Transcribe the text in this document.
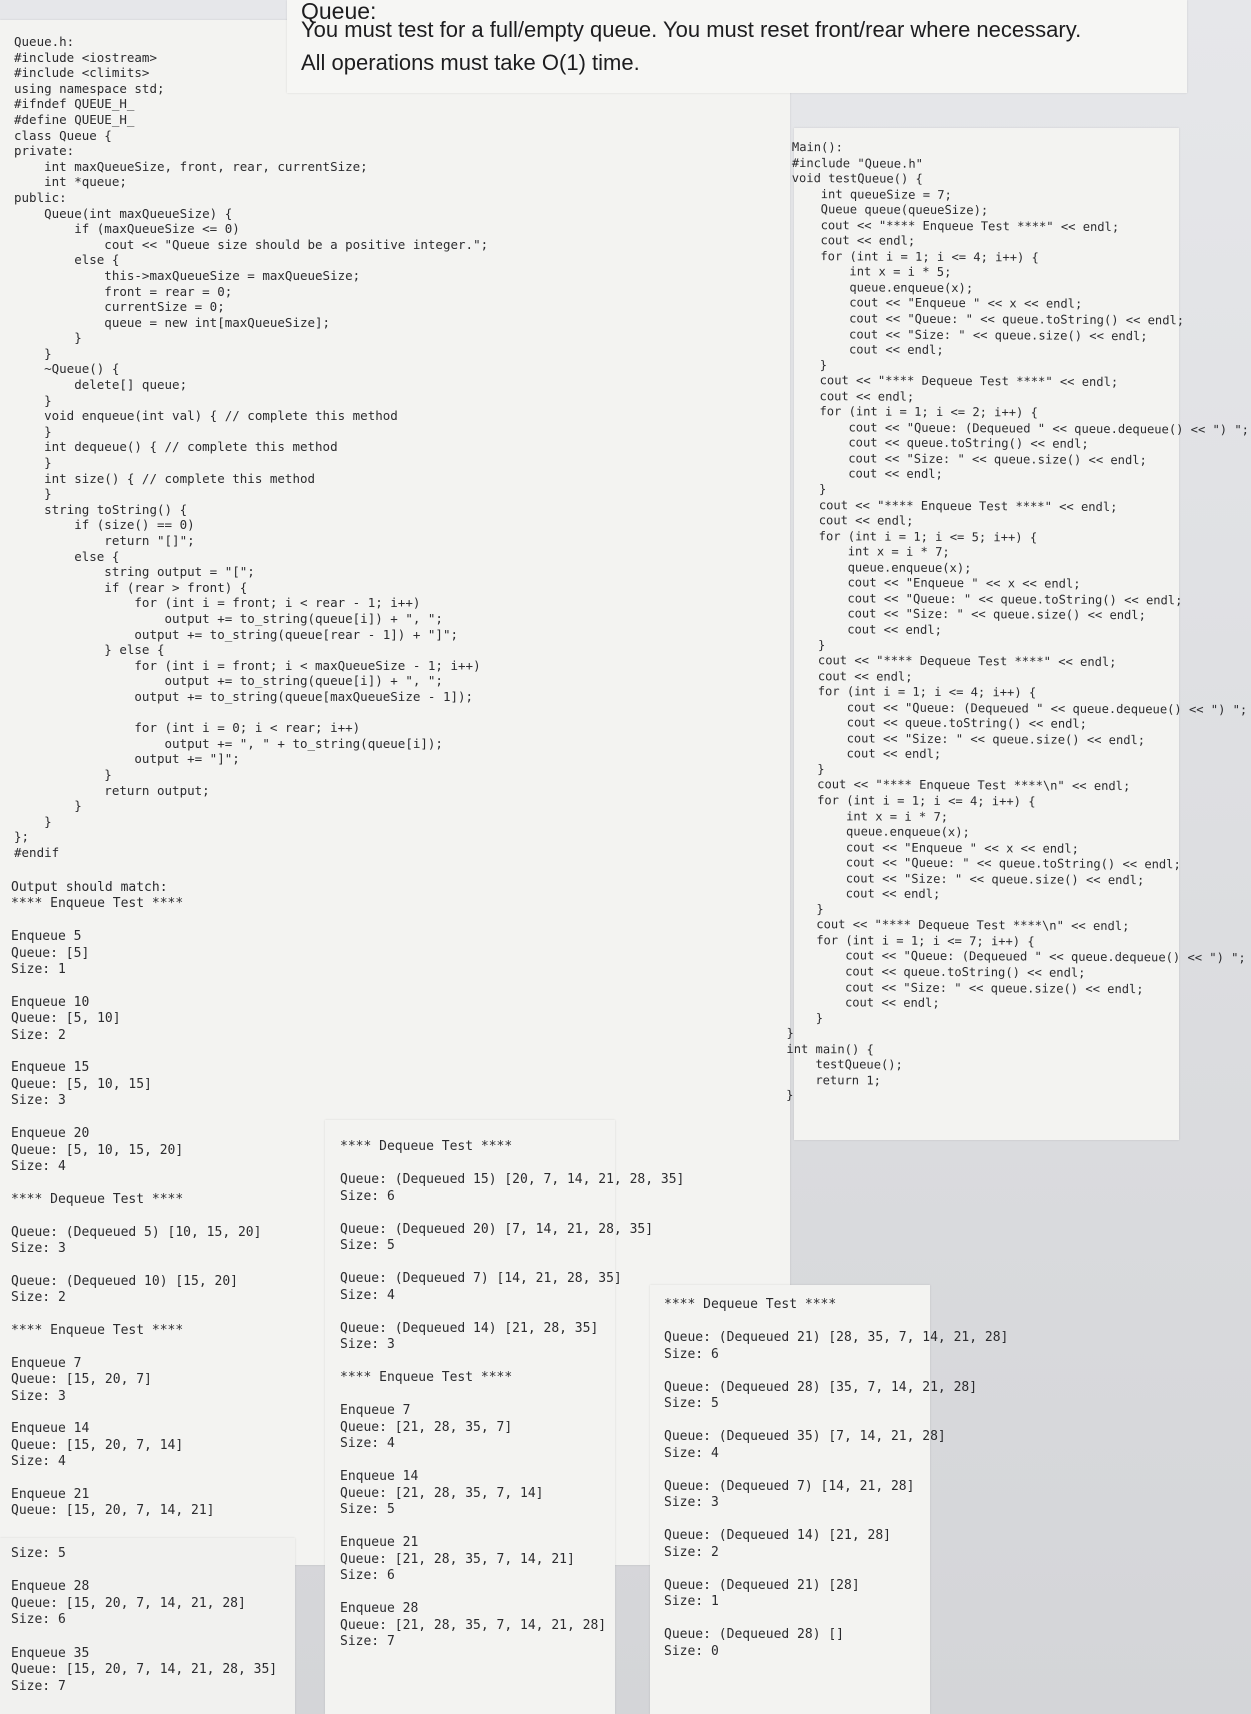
Queue:
You must test for a full/empty queue. You must reset front/rear where necessary.
All operations must take O(1) time.
Queue.h:
#include <iostream>
#include <climits>
using namespace std;
#ifndef QUEUE_H_
#define QUEUE_H_
class Queue {
private:
int maxQueueSize, front, rear, currentSize;
int *queue;
public:
Queue(int maxQueueSize) {
if (maxQueueSize <= 0)
cout << "Queue size should be a positive integer.";
else {
this->maxQueueSize = maxQueueSize;
front = rear = 0;
currentSize = 0;
queue = new int[maxQueueSize];
}
}
~Queue() {
delete[] queue;
}
void enqueue(int val) { // complete this method
}
int dequeue() { // complete this method
}
int size() { // complete this method
}
string toString() {
if (size() == 0)
return "[]";
else {
string output = "[";
if (rear > front) {
for (int i = front; i < rear - 1; i++)
output += to_string(queue[i]) + ", ";
output += to_string(queue[rear - 1]) + "]";
} else {
for (int i = front; i < maxQueueSize - 1; i++)
output += to_string(queue[i]) + ", ";
output += to_string(queue[maxQueueSize - 1]);

for (int i = 0; i < rear; i++)
output += ", " + to_string(queue[i]);
output += "]";
}
return output;
}
}
};
#endif
Output should match:
**** Enqueue Test ****

Enqueue 5
Queue: [5]
Size: 1

Enqueue 10
Queue: [5, 10]
Size: 2

Enqueue 15
Queue: [5, 10, 15]
Size: 3

Enqueue 20
Queue: [5, 10, 15, 20]
Size: 4

**** Dequeue Test ****

Queue: (Dequeued 5) [10, 15, 20]
Size: 3

Queue: (Dequeued 10) [15, 20]
Size: 2

**** Enqueue Test ****

Enqueue 7
Queue: [15, 20, 7]
Size: 3

Enqueue 14
Queue: [15, 20, 7, 14]
Size: 4

Enqueue 21
Queue: [15, 20, 7, 14, 21]
Size: 5

Enqueue 28
Queue: [15, 20, 7, 14, 21, 28]
Size: 6

Enqueue 35
Queue: [15, 20, 7, 14, 21, 28, 35]
Size: 7
**** Dequeue Test ****

Queue: (Dequeued 15) [20, 7, 14, 21, 28, 35]
Size: 6

Queue: (Dequeued 20) [7, 14, 21, 28, 35]
Size: 5

Queue: (Dequeued 7) [14, 21, 28, 35]
Size: 4

Queue: (Dequeued 14) [21, 28, 35]
Size: 3

**** Enqueue Test ****

Enqueue 7
Queue: [21, 28, 35, 7]
Size: 4

Enqueue 14
Queue: [21, 28, 35, 7, 14]
Size: 5

Enqueue 21
Queue: [21, 28, 35, 7, 14, 21]
Size: 6

Enqueue 28
Queue: [21, 28, 35, 7, 14, 21, 28]
Size: 7
**** Dequeue Test ****

Queue: (Dequeued 21) [28, 35, 7, 14, 21, 28]
Size: 6

Queue: (Dequeued 28) [35, 7, 14, 21, 28]
Size: 5

Queue: (Dequeued 35) [7, 14, 21, 28]
Size: 4

Queue: (Dequeued 7) [14, 21, 28]
Size: 3

Queue: (Dequeued 14) [21, 28]
Size: 2

Queue: (Dequeued 21) [28]
Size: 1

Queue: (Dequeued 28) []
Size: 0
Main():
#include "Queue.h"
void testQueue() {
int queueSize = 7;
Queue queue(queueSize);
cout << "**** Enqueue Test ****" << endl;
cout << endl;
for (int i = 1; i <= 4; i++) {
int x = i * 5;
queue.enqueue(x);
cout << "Enqueue " << x << endl;
cout << "Queue: " << queue.toString() << endl;
cout << "Size: " << queue.size() << endl;
cout << endl;
}
cout << "**** Dequeue Test ****" << endl;
cout << endl;
for (int i = 1; i <= 2; i++) {
cout << "Queue: (Dequeued " << queue.dequeue() << ") ";
cout << queue.toString() << endl;
cout << "Size: " << queue.size() << endl;
cout << endl;
}
cout << "**** Enqueue Test ****" << endl;
cout << endl;
for (int i = 1; i <= 5; i++) {
int x = i * 7;
queue.enqueue(x);
cout << "Enqueue " << x << endl;
cout << "Queue: " << queue.toString() << endl;
cout << "Size: " << queue.size() << endl;
cout << endl;
}
cout << "**** Dequeue Test ****" << endl;
cout << endl;
for (int i = 1; i <= 4; i++) {
cout << "Queue: (Dequeued " << queue.dequeue() << ") ";
cout << queue.toString() << endl;
cout << "Size: " << queue.size() << endl;
cout << endl;
}
cout << "**** Enqueue Test ****\n" << endl;
for (int i = 1; i <= 4; i++) {
int x = i * 7;
queue.enqueue(x);
cout << "Enqueue " << x << endl;
cout << "Queue: " << queue.toString() << endl;
cout << "Size: " << queue.size() << endl;
cout << endl;
}
cout << "**** Dequeue Test ****\n" << endl;
for (int i = 1; i <= 7; i++) {
cout << "Queue: (Dequeued " << queue.dequeue() << ") ";
cout << queue.toString() << endl;
cout << "Size: " << queue.size() << endl;
cout << endl;
}
}
int main() {
testQueue();
return 1;
}
